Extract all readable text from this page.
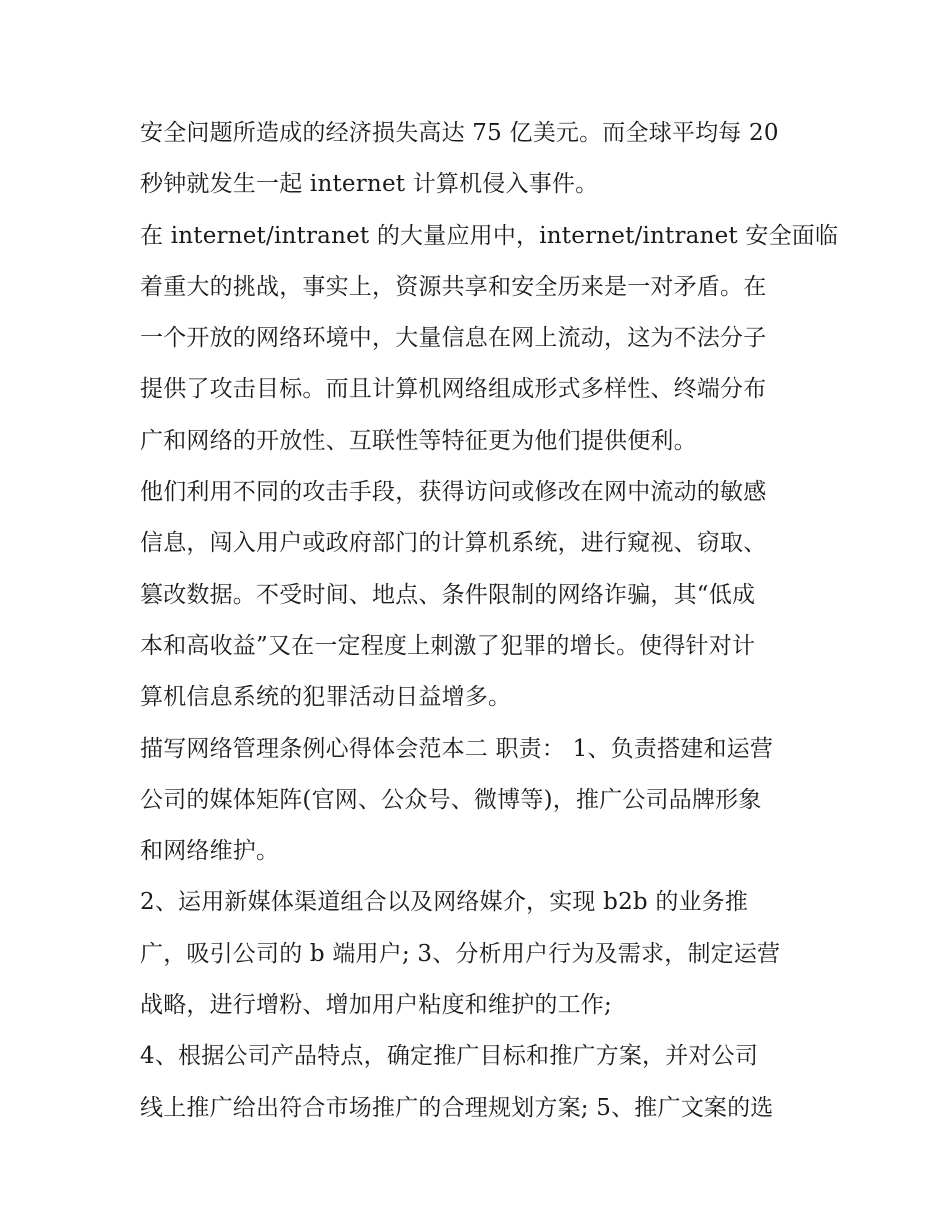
安全问题所造成的经济损失高达 75 亿美元。而全球平均每 20
秒钟就发生一起 internet 计算机侵入事件。
在 internet/intranet 的大量应用中，internet/intranet 安全面临
着重大的挑战，事实上，资源共享和安全历来是一对矛盾。在
一个开放的网络环境中，大量信息在网上流动，这为不法分子
提供了攻击目标。而且计算机网络组成形式多样性、终端分布
广和网络的开放性、互联性等特征更为他们提供便利。
他们利用不同的攻击手段，获得访问或修改在网中流动的敏感
信息，闯入用户或政府部门的计算机系统，进行窥视、窃取、
篡改数据。不受时间、地点、条件限制的网络诈骗，其“低成
本和高收益”又在一定程度上刺激了犯罪的增长。使得针对计
算机信息系统的犯罪活动日益增多。
描写网络管理条例心得体会范本二 职责： 1、负责搭建和运营
公司的媒体矩阵(官网、公众号、微博等)，推广公司品牌形象
和网络维护。
2、运用新媒体渠道组合以及网络媒介，实现 b2b 的业务推
广，吸引公司的 b 端用户; 3、分析用户行为及需求，制定运营
战略，进行增粉、增加用户粘度和维护的工作;
4、根据公司产品特点，确定推广目标和推广方案，并对公司
线上推广给出符合市场推广的合理规划方案; 5、推广文案的选
